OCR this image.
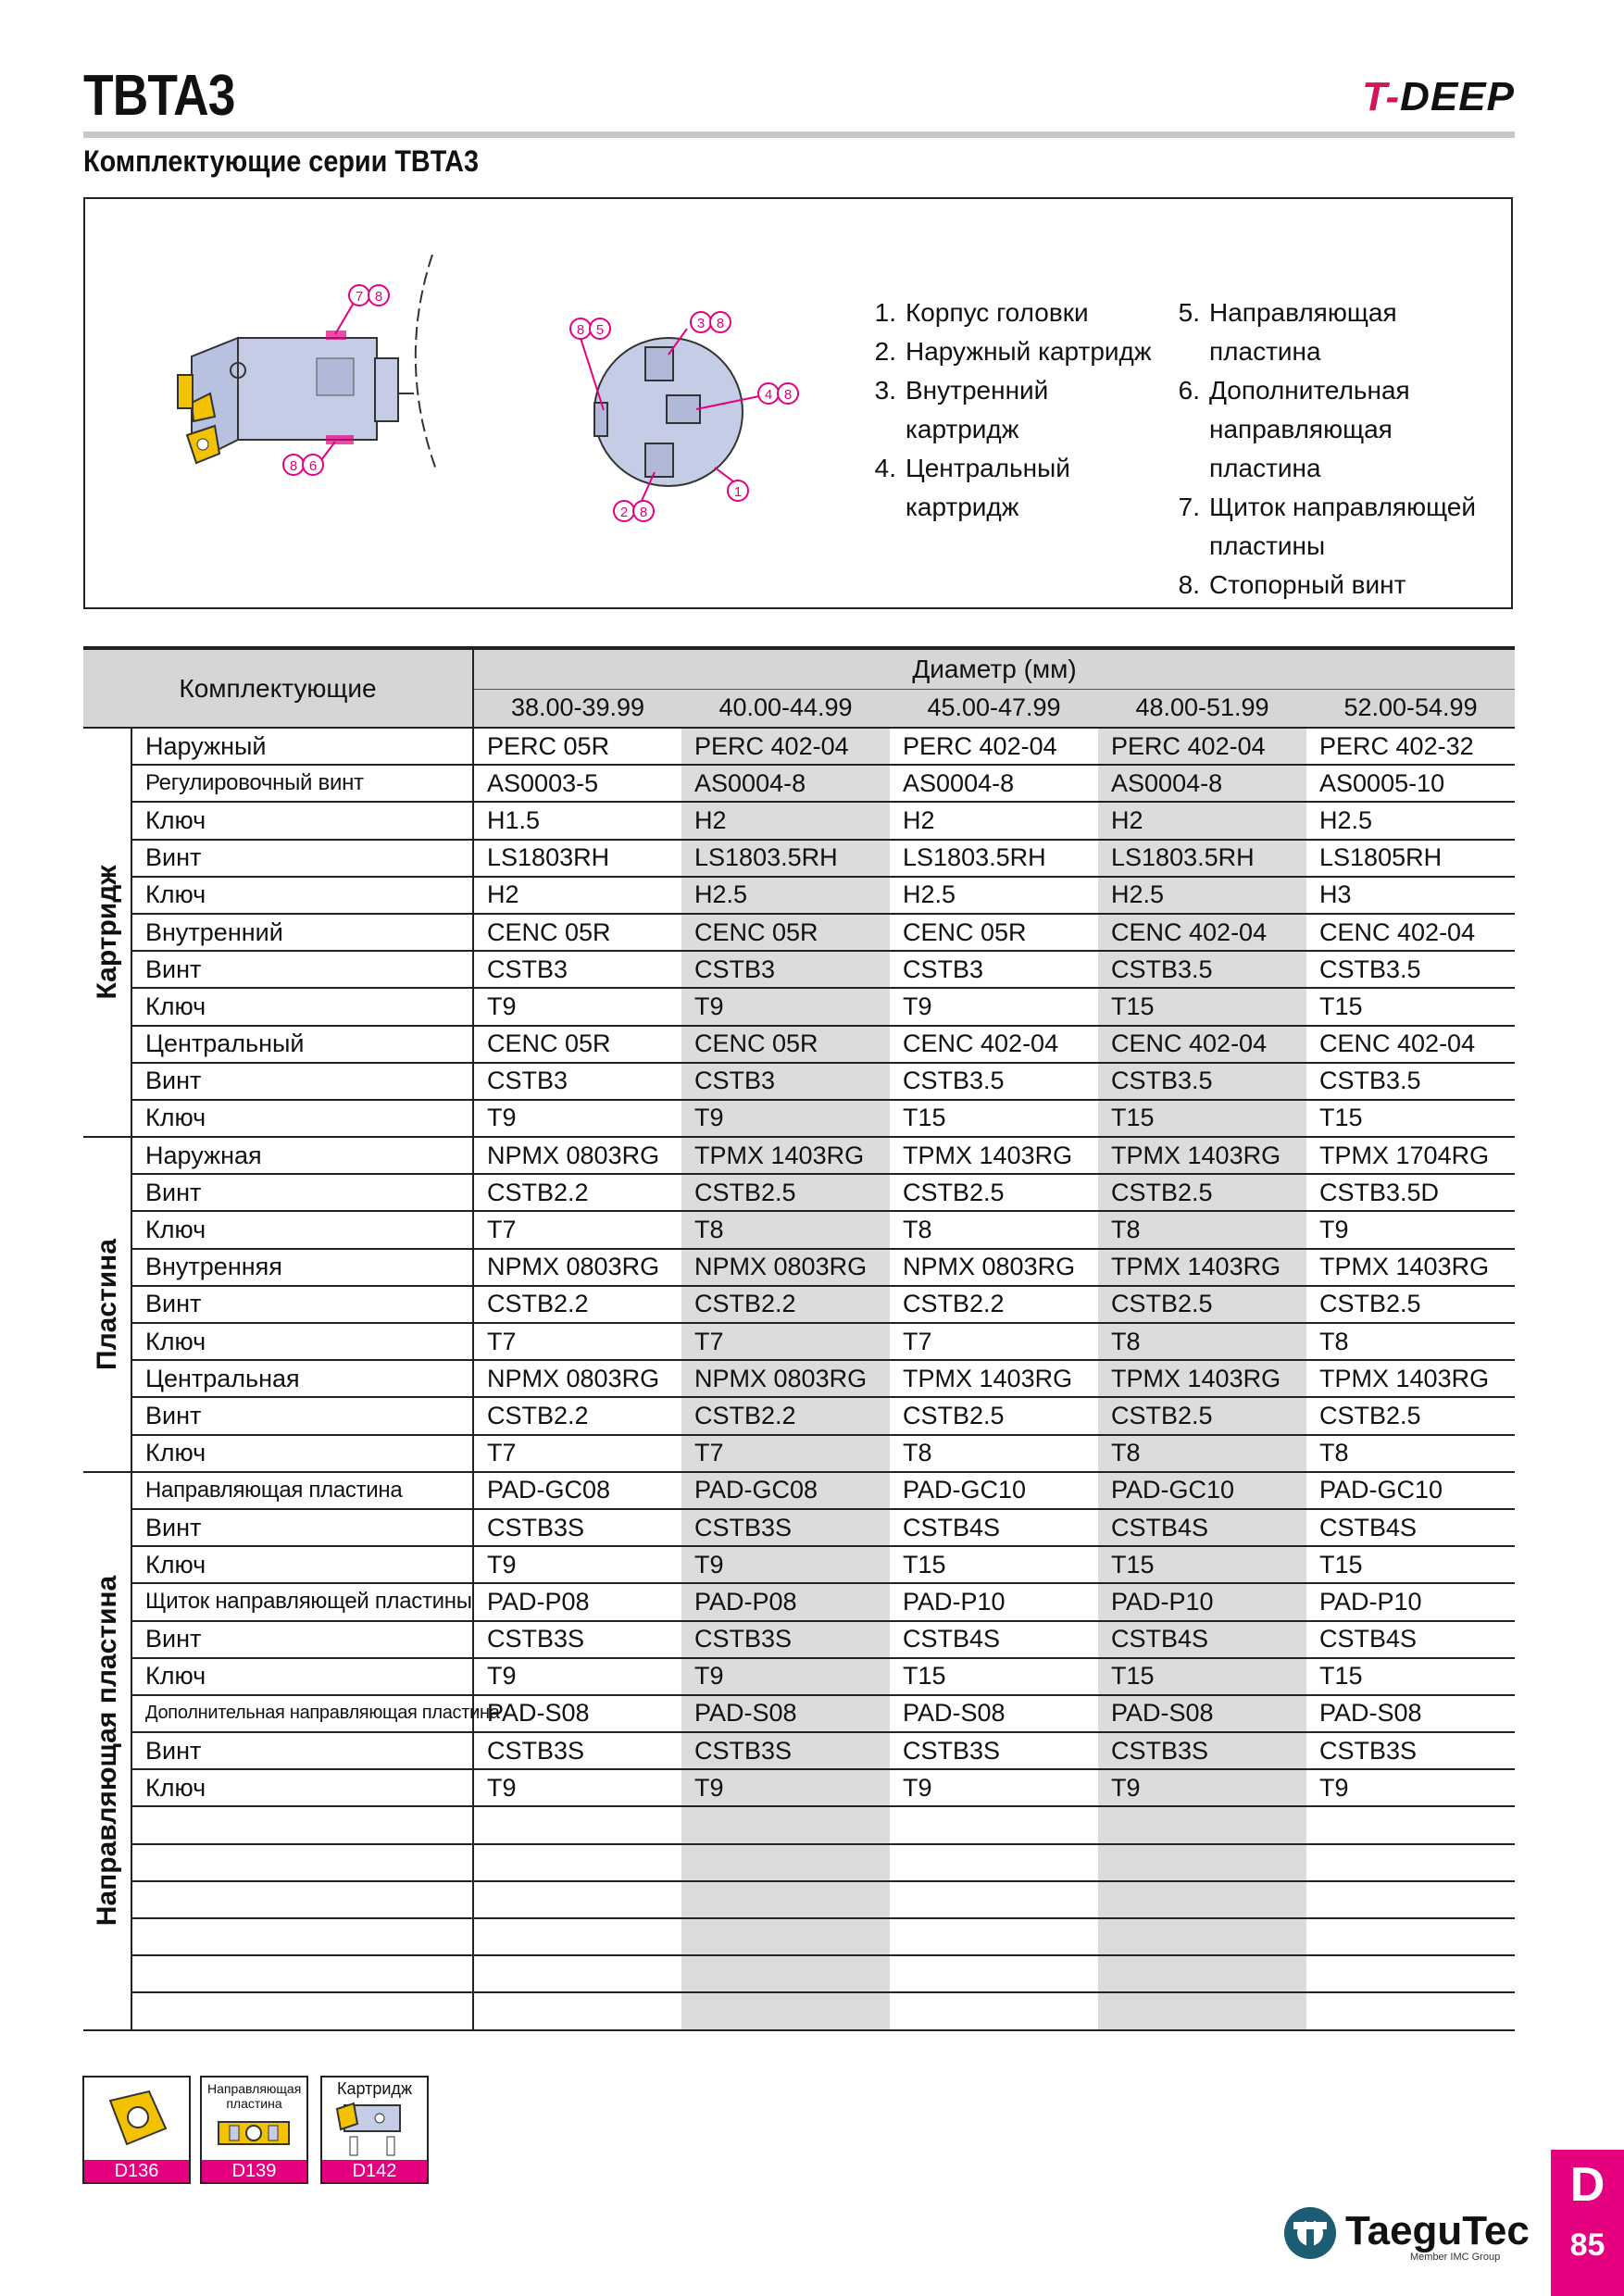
TBTA3	T-DEEP
Комплектующие серии TBTA3
7 8
8 6
3 8
8 5
4 8
2 8
1
1. Корпус головки
2. Наружный картридж
3. Внутренний
картридж
4. Центральный
картридж
5. Направляющая
пластина
6. Дополнительная
направляющая пластина
7. Щиток направляющей
пластины
8. Стопорный винт
Комплектующие		Диаметр (мм)				
		38.00-39.99	40.00-44.99	45.00-47.99	48.00-51.99	52.00-54.99

Картридж	Наружный	PERC 05R	PERC 402-04	PERC 402-04	PERC 402-04	PERC 402-32
	Регулировочный винт	AS0003-5	AS0004-8	AS0004-8	AS0004-8	AS0005-10
	Ключ	H1.5	H2	H2	H2	H2.5
	Винт	LS1803RH	LS1803.5RH	LS1803.5RH	LS1803.5RH	LS1805RH
	Ключ	H2	H2.5	H2.5	H2.5	H3
	Внутренний	CENC 05R	CENC 05R	CENC 05R	CENC 402-04	CENC 402-04
	Винт	CSTB3	CSTB3	CSTB3	CSTB3.5	CSTB3.5
	Ключ	T9	T9	T9	T15	T15
	Центральный	CENC 05R	CENC 05R	CENC 402-04	CENC 402-04	CENC 402-04
	Винт	CSTB3	CSTB3	CSTB3.5	CSTB3.5	CSTB3.5
	Ключ	T9	T9	T15	T15	T15

Пластина	Наружная	NPMX 0803RG	TPMX 1403RG	TPMX 1403RG	TPMX 1403RG	TPMX 1704RG
	Винт	CSTB2.2	CSTB2.5	CSTB2.5	CSTB2.5	CSTB3.5D
	Ключ	T7	T8	T8	T8	T9
	Внутренняя	NPMX 0803RG	NPMX 0803RG	NPMX 0803RG	TPMX 1403RG	TPMX 1403RG
	Винт	CSTB2.2	CSTB2.2	CSTB2.2	CSTB2.5	CSTB2.5
	Ключ	T7	T7	T7	T8	T8
	Центральная	NPMX 0803RG	NPMX 0803RG	TPMX 1403RG	TPMX 1403RG	TPMX 1403RG
	Винт	CSTB2.2	CSTB2.2	CSTB2.5	CSTB2.5	CSTB2.5
	Ключ	T7	T7	T8	T8	T8

Направляющая пластина	Направляющая пластина	PAD-GC08	PAD-GC08	PAD-GC10	PAD-GC10	PAD-GC10
	Винт	CSTB3S	CSTB3S	CSTB4S	CSTB4S	CSTB4S
	Ключ	T9	T9	T15	T15	T15
	Щиток направляющей пластины	PAD-P08	PAD-P08	PAD-P10	PAD-P10	PAD-P10
	Винт	CSTB3S	CSTB3S	CSTB4S	CSTB4S	CSTB4S
	Ключ	T9	T9	T15	T15	T15
	Дополнительная направляющая пластина	PAD-S08	PAD-S08	PAD-S08	PAD-S08	PAD-S08
	Винт	CSTB3S	CSTB3S	CSTB3S	CSTB3S	CSTB3S
	Ключ	T9	T9	T9	T9	T9

D136
Направляющая пластина
D139
Картридж
D142
TaeguTec
Member IMC Group
D
85
